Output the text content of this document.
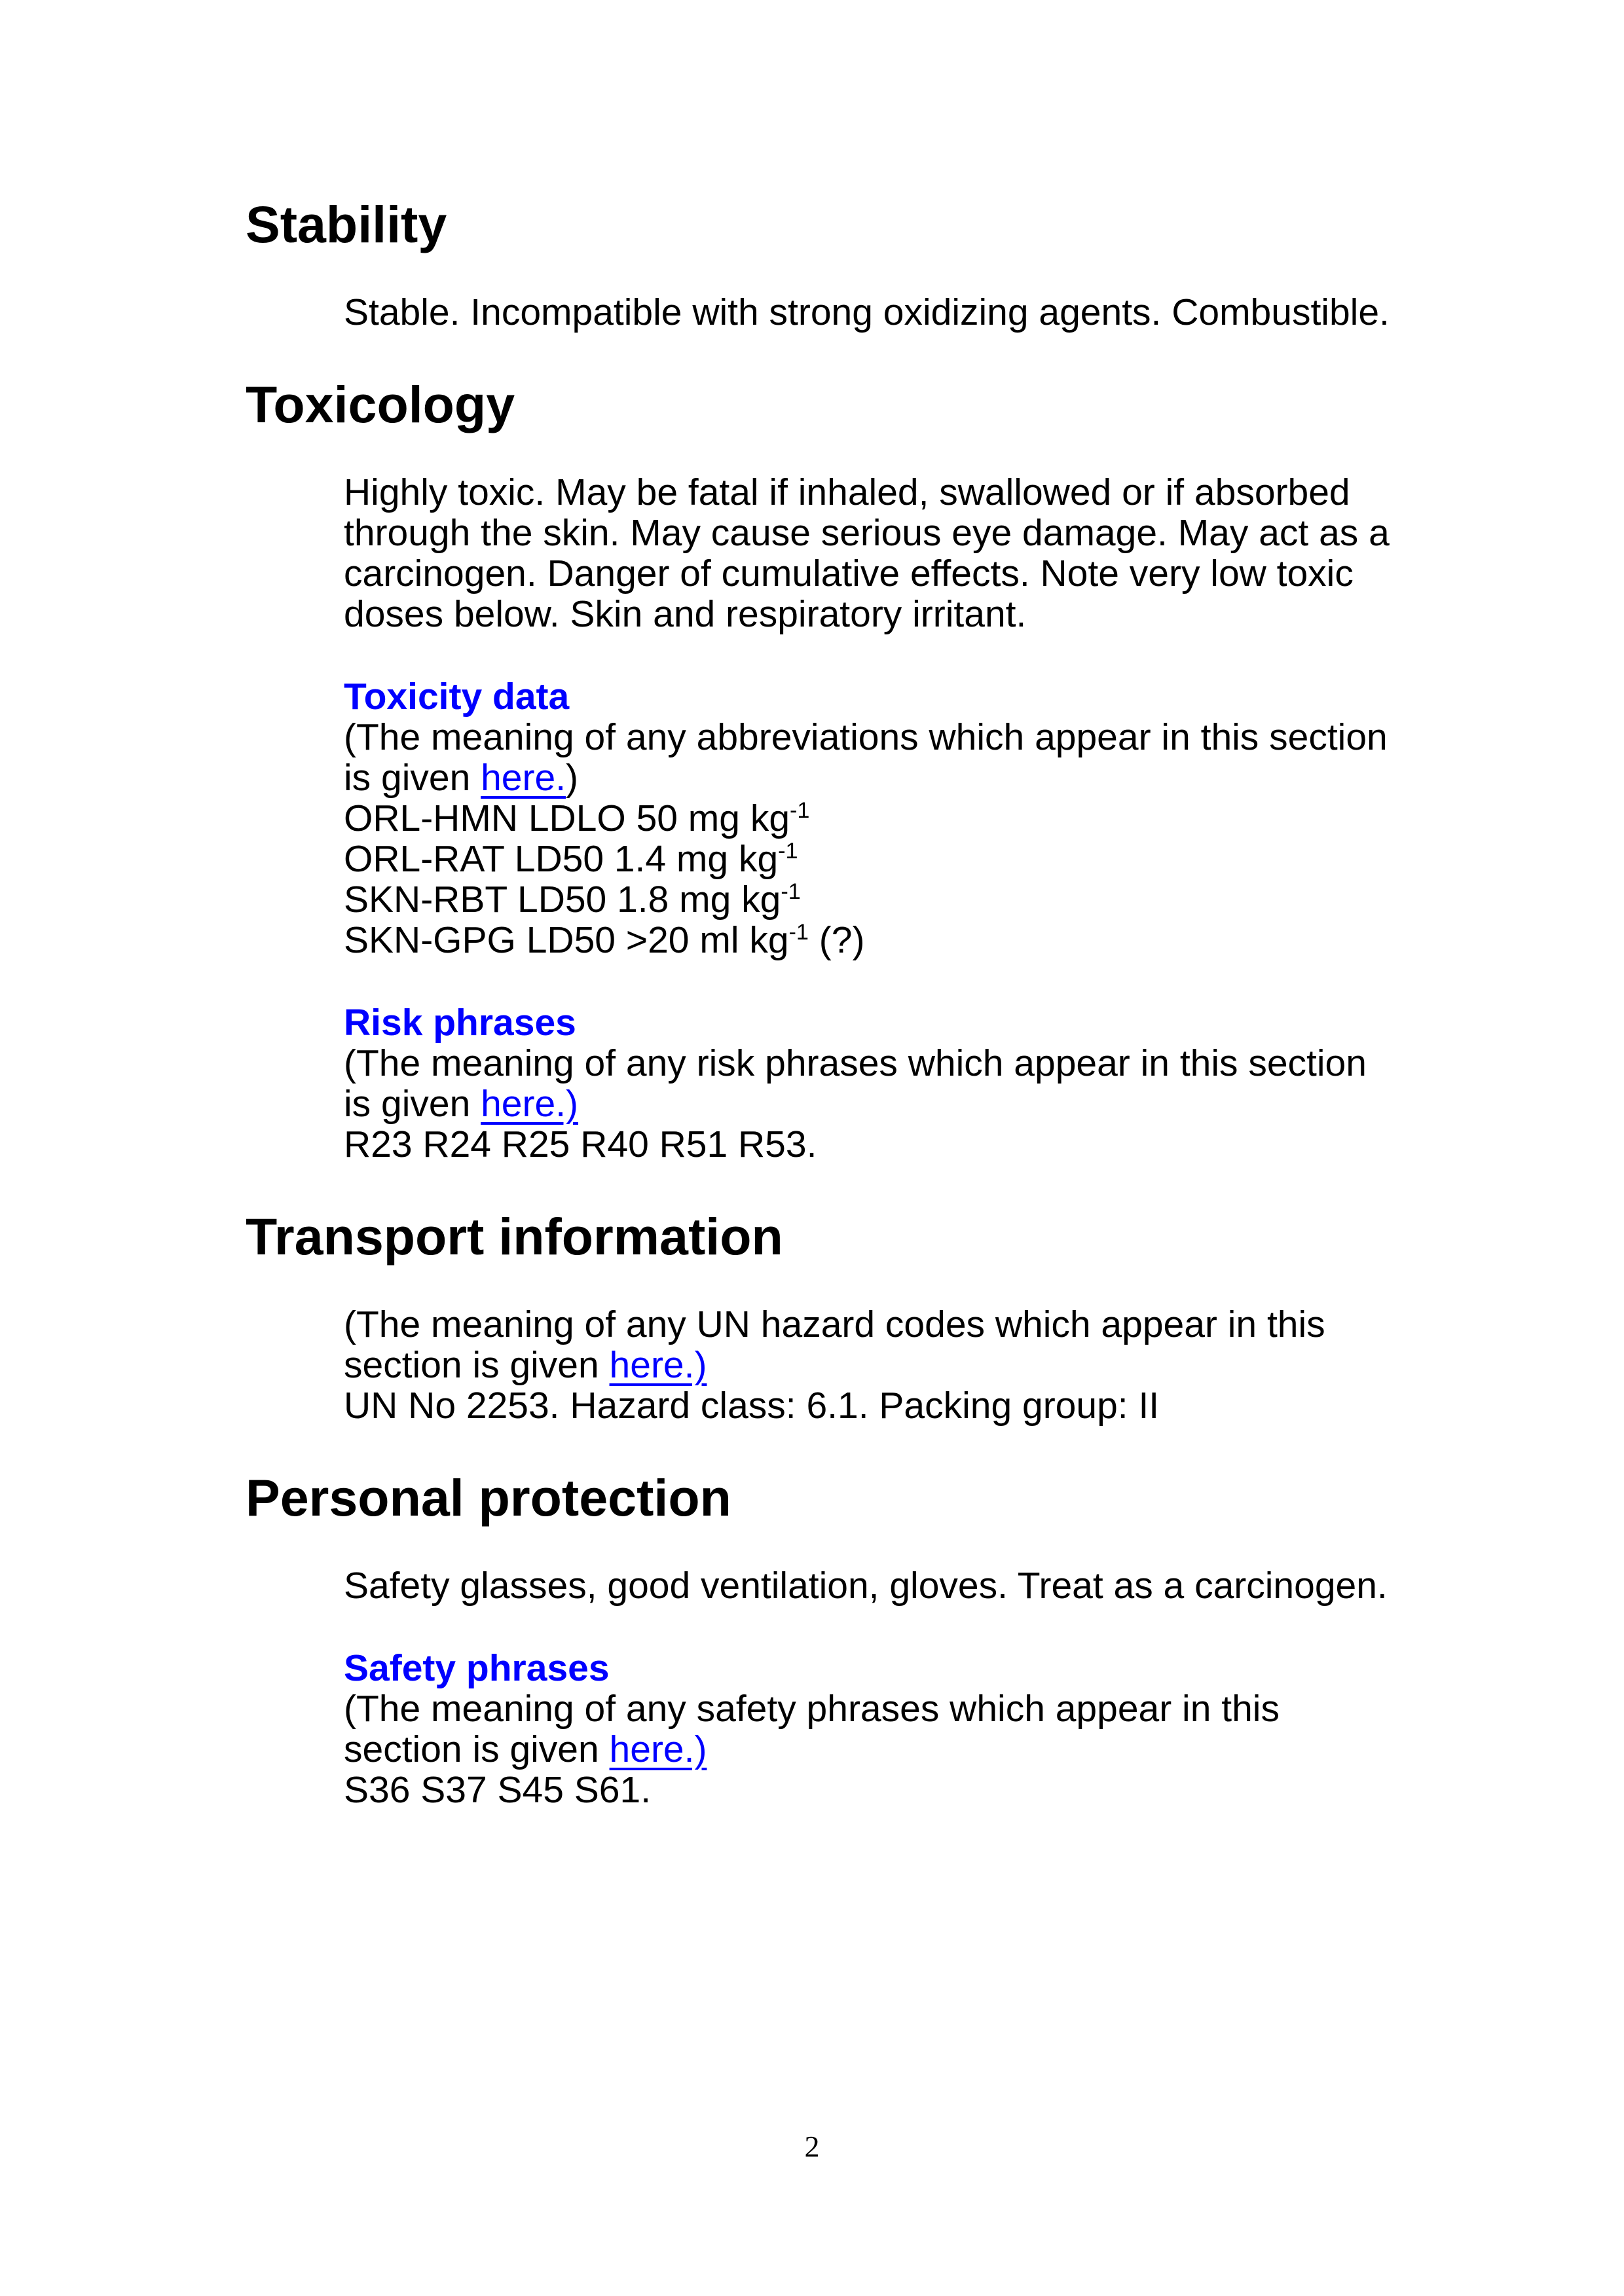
Stability

Stable. Incompatible with strong oxidizing agents. Combustible.

Toxicology

Highly toxic. May be fatal if inhaled, swallowed or if absorbed

through the skin. May cause serious eye damage. May act as a

carcinogen. Danger of cumulative effects. Note very low toxic

doses below. Skin and respiratory irritant.

Toxicity data

(The meaning of any abbreviations which appear in this section

is given here.)

ORL-HMN LDLO 50 mg $kg^{-1}$

ORL-RAT LD50 1.4 mg $kg^{-1}$

SKN-RBT LD50 1.8 mg $kg^{-1}$

SKN-GPG LD50 >20 ml $kg^{-1}$ (?)

Risk phrases

(The meaning of any risk phrases which appear in this section

is given here.)

R23 R24 R25 R40 R51 R53.

Transport information

(The meaning of any UN hazard codes which appear in this

section is given here.)

UN No 2253. Hazard class: 6.1. Packing group: II

Personal protection

Safety glasses, good ventilation, gloves. Treat as a carcinogen.

Safety phrases

(The meaning of any safety phrases which appear in this

section is given here.)

S36 S37 S45 S61.

2
